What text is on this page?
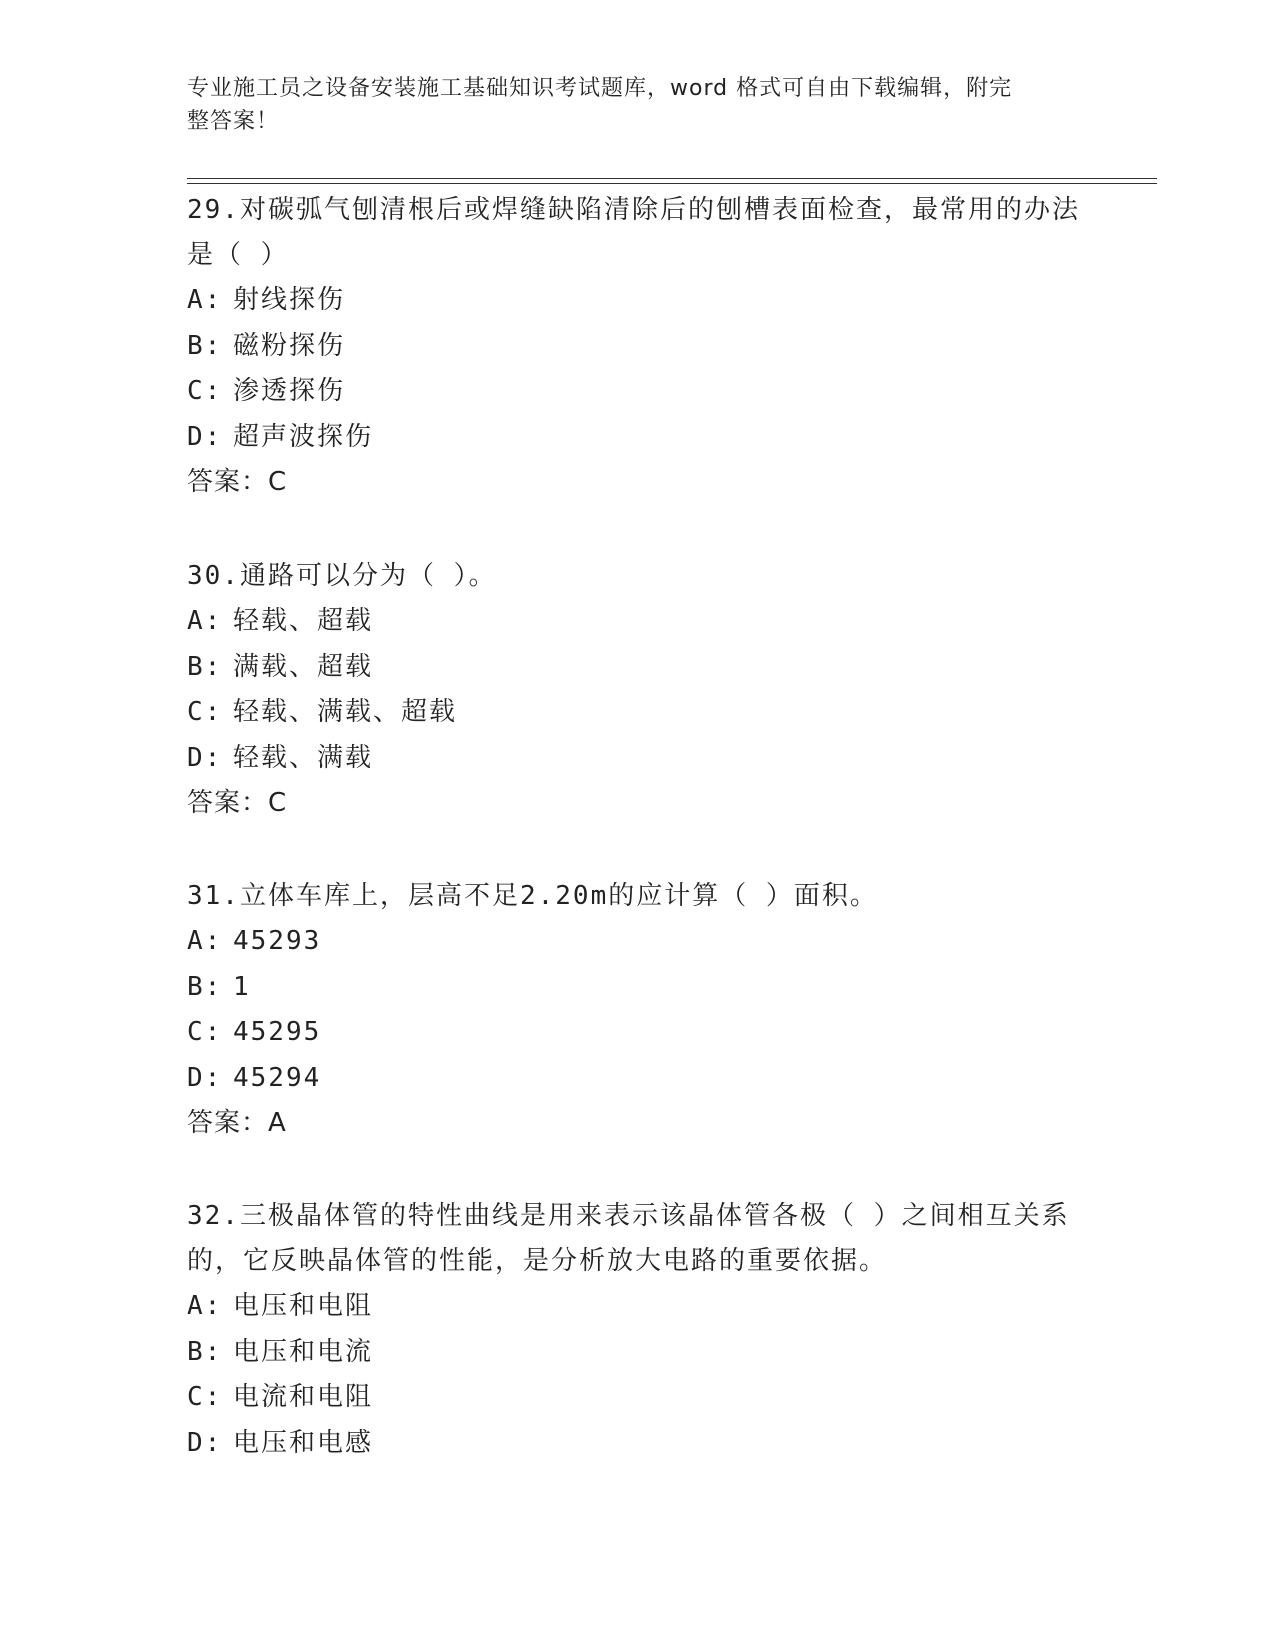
专业施工员之设备安装施工基础知识考试题库，word 格式可自由下载编辑，附完
整答案！
29.对碳弧气刨清根后或焊缝缺陷清除后的刨槽表面检查，最常用的办法是（ ）
A: 射线探伤
B: 磁粉探伤
C: 渗透探伤
D: 超声波探伤
答案：C
30.通路可以分为（ ）。
A: 轻载、超载
B: 满载、超载
C: 轻载、满载、超载
D: 轻载、满载
答案：C
31.立体车库上，层高不足2.20m的应计算（ ）面积。
A: 45293
B: 1
C: 45295
D: 45294
答案：A
32.三极晶体管的特性曲线是用来表示该晶体管各极（ ）之间相互关系的，它反映晶体管的性能，是分析放大电路的重要依据。
A: 电压和电阻
B: 电压和电流
C: 电流和电阻
D: 电压和电感
